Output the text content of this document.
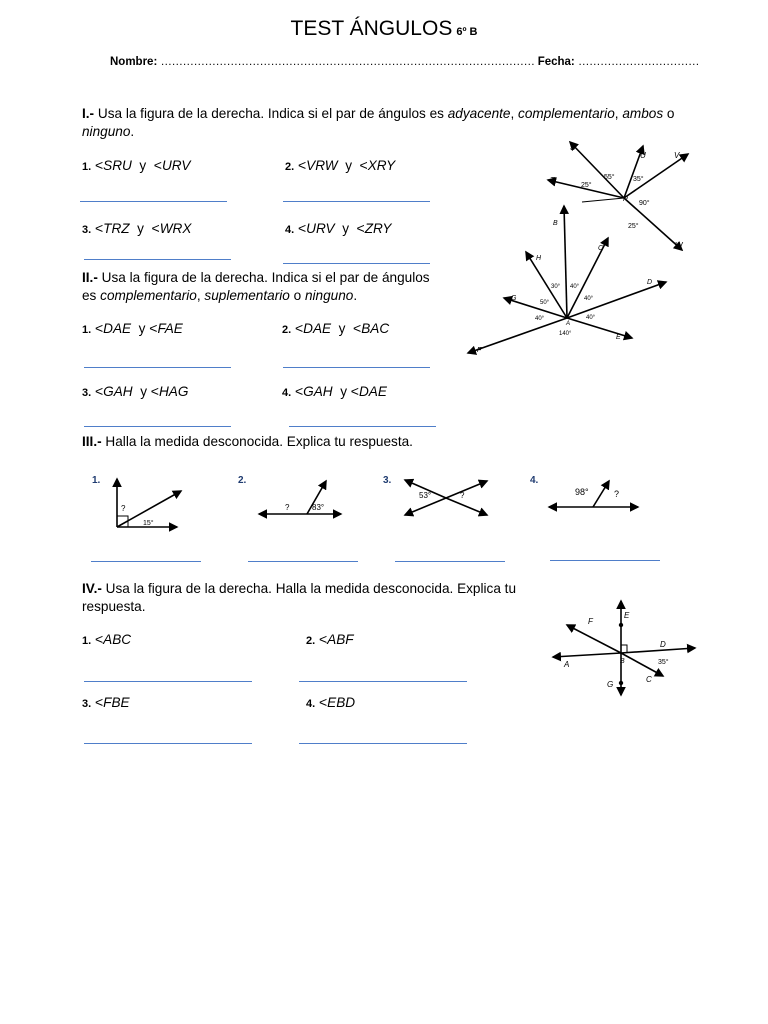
TEST ÁNGULOS 6º B
Nombre: ………………………………………………………………………………………… Fecha: ……………………………
I.- Usa la figura de la derecha. Indica si el par de ángulos es adyacente, complementario, ambos o ninguno.
1. <SRU y <URV	2. <VRW y <XRY
3. <TRZ y <WRX	4. <URV y <ZRY
S
U	V
T
R
W
55°
25°
35°
90°
25°
II.- Usa la figura de la derecha. Indica si el par de ángulos
es complementario, suplementario o ninguno.
1. <DAE y <FAE	2. <DAE y <BAC
3. <GAH y <HAG	4. <GAH y <DAE
B
C
H
D
G
A
E
F
30° 40°
50°
40°
140°
40°
40°
III.- Halla la medida desconocida. Explica tu respuesta.
1.
?
15°
2.
?	83°
3.
53°	?
4.
98°	?
IV.- Usa la figura de la derecha. Halla la medida desconocida. Explica tu
respuesta.
1. <ABC	2. <ABF
3. <FBE	4. <EBD
F
E
D
A	B
G
C
35°
